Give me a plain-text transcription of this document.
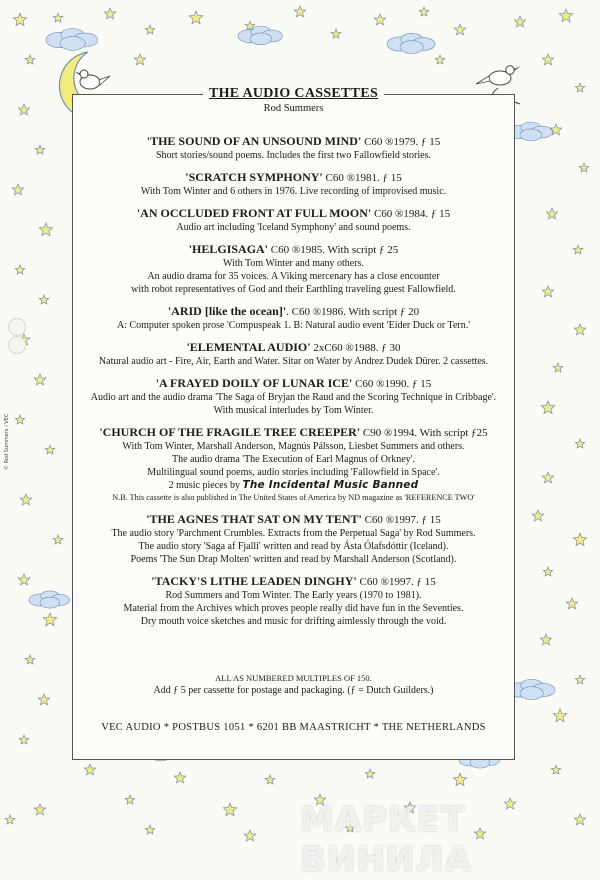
THE AUDIO CASSETTES
Rod Summers
'THE SOUND OF AN UNSOUND MIND' C60 ®1979. ƒ 15
Short stories/sound poems. Includes the first two Fallowfield stories.
'SCRATCH SYMPHONY' C60 ®1981. ƒ 15
With Tom Winter and 6 others in 1976. Live recording of improvised music.
'AN OCCLUDED FRONT AT FULL MOON' C60 ®1984. ƒ 15
Audio art including 'Iceland Symphony' and sound poems.
'HELGISAGA' C60 ®1985. With script ƒ 25
With Tom Winter and many others.
An audio drama for 35 voices. A Viking mercenary has a close encounter
with robot representatives of God and their Earthling traveling guest Fallowfield.
'ARID [like the ocean]'. C60 ®1986. With script ƒ 20
A: Computer spoken prose 'Compuspeak 1. B: Natural audio event 'Eider Duck or Tern.'
'ELEMENTAL AUDIO' 2xC60 ®1988. ƒ 30
Natural audio art - Fire, Air, Earth and Water. Sitar on Water by Andrez Dudek Dürer. 2 cassettes.
'A FRAYED DOILY OF LUNAR ICE' C60 ®1990. ƒ 15
Audio art and the audio drama 'The Saga of Bryjan the Raud and the Scoring Technique in Cribbage'.
With musical interludes by Tom Winter.
'CHURCH OF THE FRAGILE TREE CREEPER' C90 ®1994. With script ƒ25
With Tom Winter, Marshall Anderson, Magnús Pálsson, Liesbet Summers and others.
The audio drama 'The Execution of Earl Magnus of Orkney'.
Multilingual sound poems, audio stories including 'Fallowfield in Space'.
2 music pieces by The Incidental Music Banned
N.B. This cassette is also published in The United States of America by ND magazine as 'REFERENCE TWO'
'THE AGNES THAT SAT ON MY TENT' C60 ®1997. ƒ 15
The audio story 'Parchment Crumbles. Extracts from the Perpetual Saga' by Rod Summers.
The audio story 'Saga af Fjalli' written and read by Ásta Ólafsdóttir (Iceland).
Poems 'The Sun Drap Molten' written and read by Marshall Anderson (Scotland).
'TACKY'S LITHE LEADEN DINGHY' C60 ®1997. ƒ 15
Rod Summers and Tom Winter. The Early years (1970 to 1981).
Material from the Archives which proves people really did have fun in the Seventies.
Dry mouth voice sketches and music for drifting aimlessly through the void.
ALL AS NUMBERED MULTIPLES OF 150.
Add ƒ 5 per cassette for postage and packaging. (ƒ = Dutch Guilders.)
VEC AUDIO * POSTBUS 1051 * 6201 BB MAASTRICHT * THE NETHERLANDS
© Rod Summers / VEC
МАРКЕТ ВИНИЛА
